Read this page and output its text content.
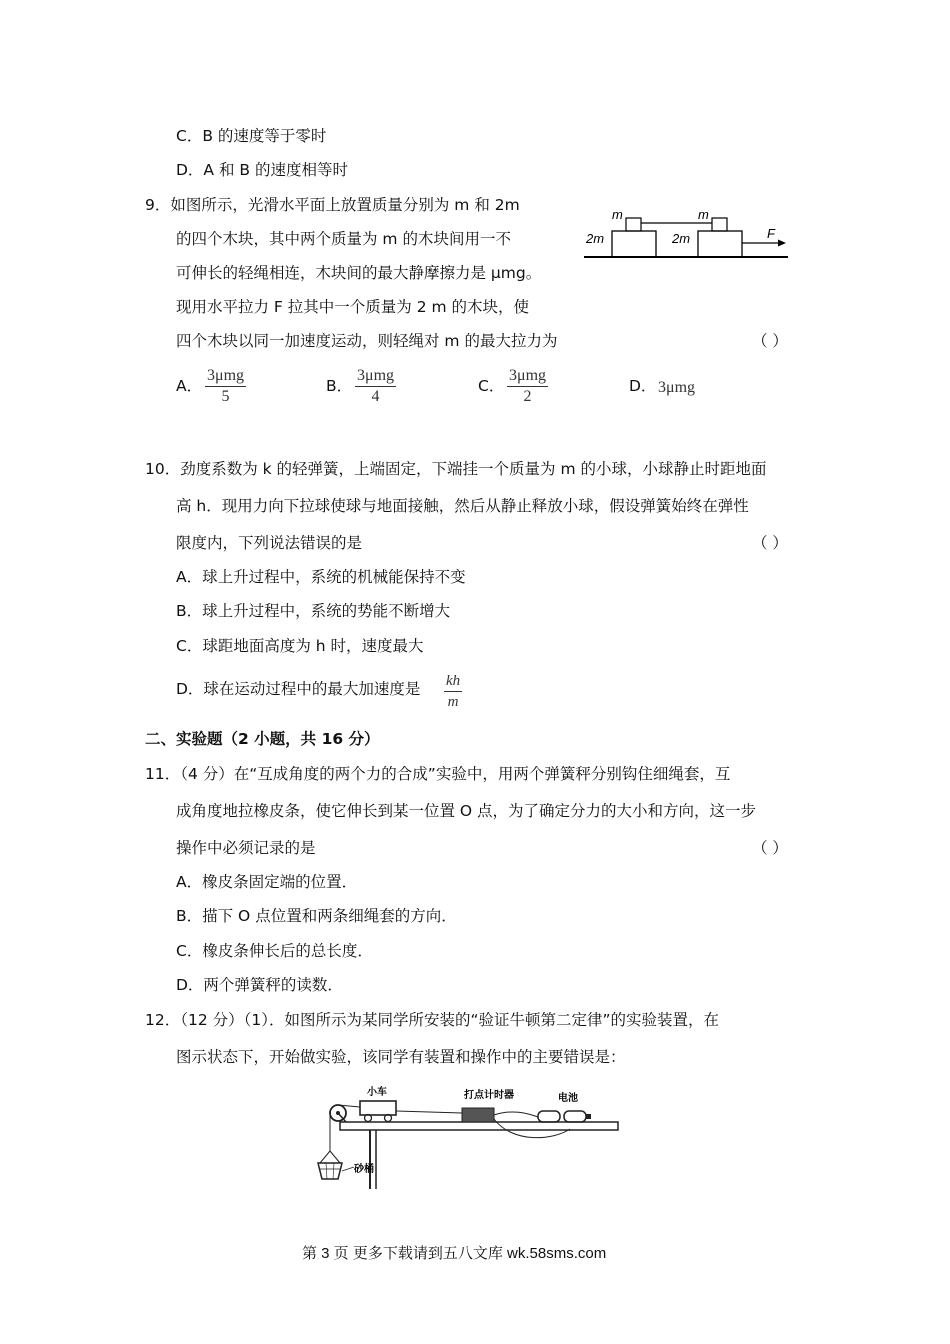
C．B 的速度等于零时
D．A 和 B 的速度相等时
9．如图所示，光滑水平面上放置质量分别为 m 和 2m
的四个木块，其中两个质量为 m 的木块间用一不
可伸长的轻绳相连，木块间的最大静摩擦力是 μmg。
现用水平拉力 F 拉其中一个质量为 2 m 的木块，使
四个木块以同一加速度运动，则轻绳对 m 的最大拉力为	（ ）
m	m
2m	2m	F
A．
3μmg
5
B．
3μmg
4
C．
3μmg
2
D． 3μmg
10．劲度系数为 k 的轻弹簧，上端固定，下端挂一个质量为 m 的小球，小球静止时距地面
高 h．现用力向下拉球使球与地面接触，然后从静止释放小球，假设弹簧始终在弹性
限度内，下列说法错误的是	（ ）
A．球上升过程中，系统的机械能保持不变
B．球上升过程中，系统的势能不断增大
C．球距地面高度为 h 时，速度最大
D．球在运动过程中的最大加速度是 $\frac{kh}{m}$
二、实验题（2 小题，共 16 分）
11．（4 分）在“互成角度的两个力的合成”实验中，用两个弹簧秤分别钩住细绳套，互
成角度地拉橡皮条，使它伸长到某一位置 O 点，为了确定分力的大小和方向，这一步
操作中必须记录的是	（ ）
A．橡皮条固定端的位置．
B．描下 O 点位置和两条细绳套的方向．
C．橡皮条伸长后的总长度．
D．两个弹簧秤的读数．
12．（12 分）（1）．如图所示为某同学所安装的“验证牛顿第二定律”的实验装置，在
图示状态下，开始做实验，该同学有装置和操作中的主要错误是：
砂桶
小车	打点计时器	电池
第 3 页 更多下载请到五八文库 wk.58sms.com
